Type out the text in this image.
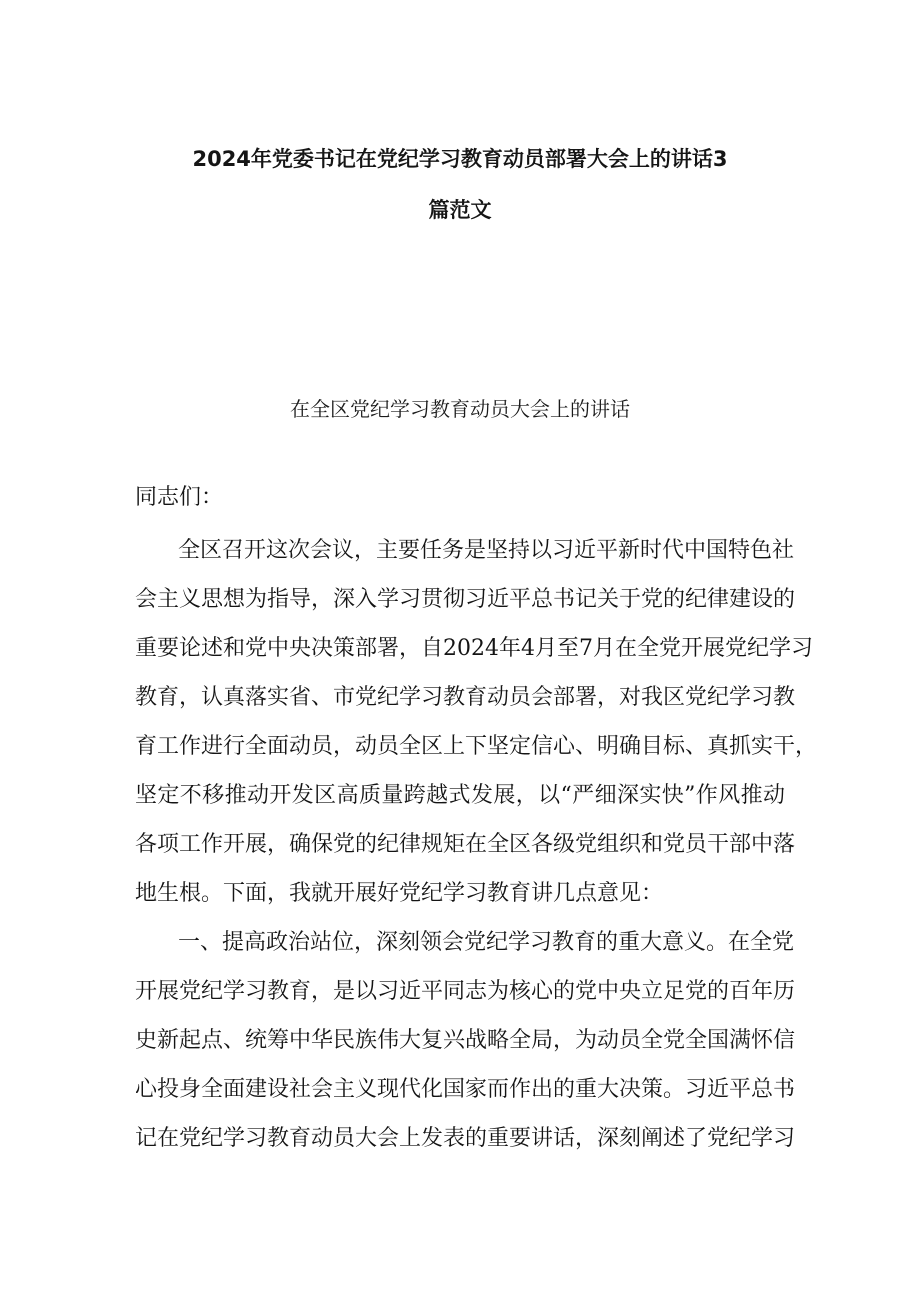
2024年党委书记在党纪学习教育动员部署大会上的讲话3
篇范文
在全区党纪学习教育动员大会上的讲话
同志们：
全区召开这次会议，主要任务是坚持以习近平新时代中国特色社
会主义思想为指导，深入学习贯彻习近平总书记关于党的纪律建设的
重要论述和党中央决策部署，自2024年4月至7月在全党开展党纪学习
教育，认真落实省、市党纪学习教育动员会部署，对我区党纪学习教
育工作进行全面动员，动员全区上下坚定信心、明确目标、真抓实干，
坚定不移推动开发区高质量跨越式发展，以“严细深实快”作风推动
各项工作开展，确保党的纪律规矩在全区各级党组织和党员干部中落
地生根。下面，我就开展好党纪学习教育讲几点意见：
一、提高政治站位，深刻领会党纪学习教育的重大意义。在全党
开展党纪学习教育，是以习近平同志为核心的党中央立足党的百年历
史新起点、统筹中华民族伟大复兴战略全局，为动员全党全国满怀信
心投身全面建设社会主义现代化国家而作出的重大决策。习近平总书
记在党纪学习教育动员大会上发表的重要讲话，深刻阐述了党纪学习
